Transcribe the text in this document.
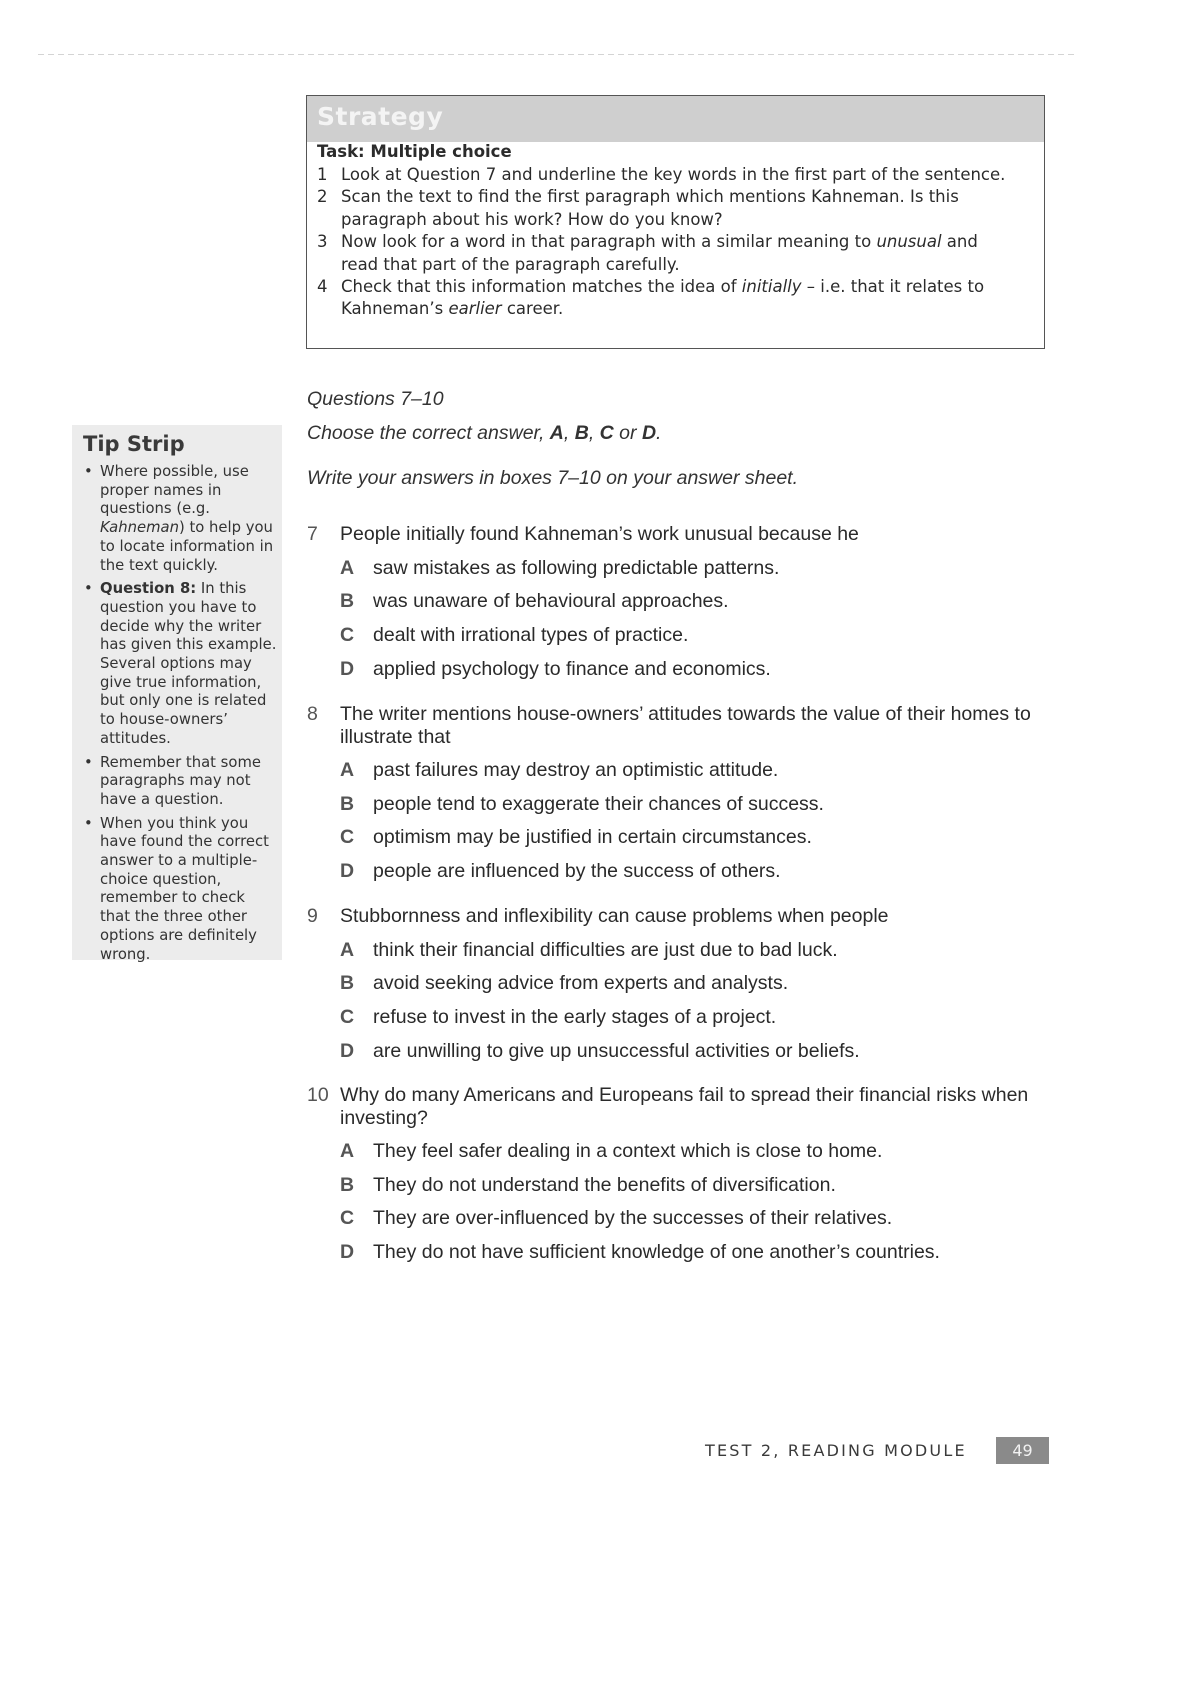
Strategy
Task: Multiple choice
1 Look at Question 7 and underline the key words in the first part of the sentence.
2 Scan the text to find the first paragraph which mentions Kahneman. Is this paragraph about his work? How do you know?
3 Now look for a word in that paragraph with a similar meaning to unusual and read that part of the paragraph carefully.
4 Check that this information matches the idea of initially – i.e. that it relates to Kahneman’s earlier career.
Tip Strip
• Where possible, use proper names in questions (e.g. Kahneman) to help you to locate information in the text quickly.
• Question 8: In this question you have to decide why the writer has given this example. Several options may give true information, but only one is related to house-owners’ attitudes.
• Remember that some paragraphs may not have a question.
• When you think you have found the correct answer to a multiple-choice question, remember to check that the three other options are definitely wrong.
Questions 7–10
Choose the correct answer, A, B, C or D.
Write your answers in boxes 7–10 on your answer sheet.
7 People initially found Kahneman’s work unusual because he
A saw mistakes as following predictable patterns.
B was unaware of behavioural approaches.
C dealt with irrational types of practice.
D applied psychology to finance and economics.
8 The writer mentions house-owners’ attitudes towards the value of their homes to illustrate that
A past failures may destroy an optimistic attitude.
B people tend to exaggerate their chances of success.
C optimism may be justified in certain circumstances.
D people are influenced by the success of others.
9 Stubbornness and inflexibility can cause problems when people
A think their financial difficulties are just due to bad luck.
B avoid seeking advice from experts and analysts.
C refuse to invest in the early stages of a project.
D are unwilling to give up unsuccessful activities or beliefs.
10 Why do many Americans and Europeans fail to spread their financial risks when investing?
A They feel safer dealing in a context which is close to home.
B They do not understand the benefits of diversification.
C They are over-influenced by the successes of their relatives.
D They do not have sufficient knowledge of one another’s countries.
TEST 2, READING MODULE	49
